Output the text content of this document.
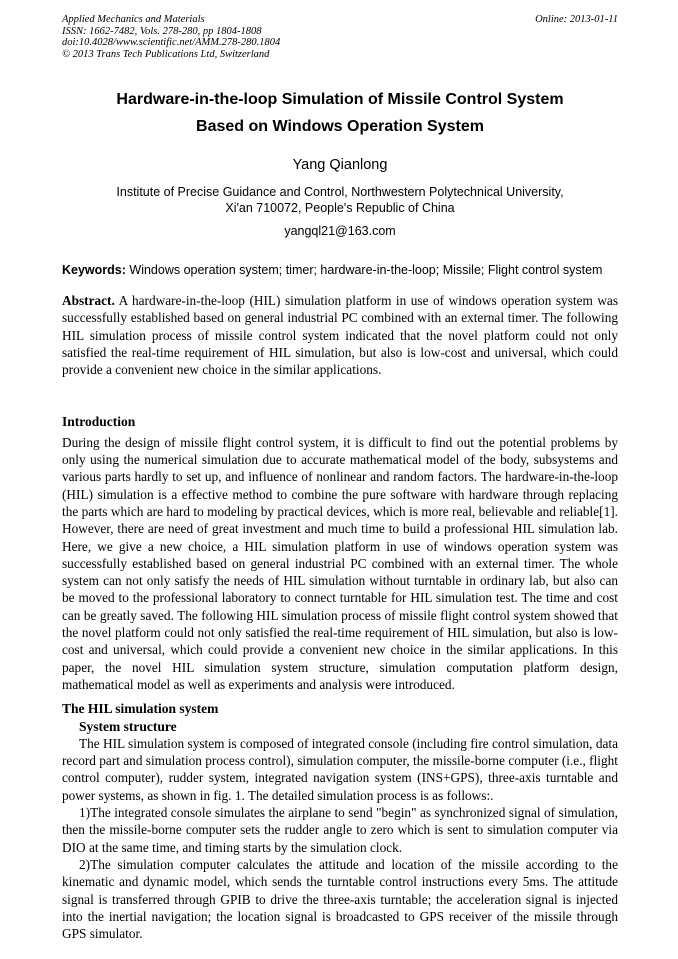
Applied Mechanics and Materials
ISSN: 1662-7482, Vols. 278-280, pp 1804-1808
doi:10.4028/www.scientific.net/AMM.278-280.1804
© 2013 Trans Tech Publications Ltd, Switzerland
Online: 2013-01-11
Hardware-in-the-loop Simulation of Missile Control System
Based on Windows Operation System
Yang Qianlong
Institute of Precise Guidance and Control, Northwestern Polytechnical University,
Xi'an 710072, People's Republic of China
yangql21@163.com
Keywords: Windows operation system; timer; hardware-in-the-loop; Missile; Flight control system
Abstract. A hardware-in-the-loop (HIL) simulation platform in use of windows operation system was successfully established based on general industrial PC combined with an external timer. The following HIL simulation process of missile control system indicated that the novel platform could not only satisfied the real-time requirement of HIL simulation, but also is low-cost and universal, which could provide a convenient new choice in the similar applications.
Introduction
During the design of missile flight control system, it is difficult to find out the potential problems by only using the numerical simulation due to accurate mathematical model of the body, subsystems and various parts hardly to set up, and influence of nonlinear and random factors. The hardware-in-the-loop (HIL) simulation is a effective method to combine the pure software with hardware through replacing the parts which are hard to modeling by practical devices, which is more real, believable and reliable[1]. However, there are need of great investment and much time to build a professional HIL simulation lab. Here, we give a new choice, a HIL simulation platform in use of windows operation system was successfully established based on general industrial PC combined with an external timer. The whole system can not only satisfy the needs of HIL simulation without turntable in ordinary lab, but also can be moved to the professional laboratory to connect turntable for HIL simulation test. The time and cost can be greatly saved. The following HIL simulation process of missile flight control system showed that the novel platform could not only satisfied the real-time requirement of HIL simulation, but also is low-cost and universal, which could provide a convenient new choice in the similar applications. In this paper, the novel HIL simulation system structure, simulation computation platform design, mathematical model as well as experiments and analysis were introduced.
The HIL simulation system
System structure

The HIL simulation system is composed of integrated console (including fire control simulation, data record part and simulation process control), simulation computer, the missile-borne computer (i.e., flight control computer), rudder system, integrated navigation system (INS+GPS), three-axis turntable and power systems, as shown in fig. 1. The detailed simulation process is as follows:.

1)The integrated console simulates the airplane to send "begin" as synchronized signal of simulation, then the missile-borne computer sets the rudder angle to zero which is sent to simulation computer via DIO at the same time, and timing starts by the simulation clock.

2)The simulation computer calculates the attitude and location of the missile according to the kinematic and dynamic model, which sends the turntable control instructions every 5ms. The attitude signal is transferred through GPIB to drive the three-axis turntable; the acceleration signal is injected into the inertial navigation; the location signal is broadcasted to GPS receiver of the missile through GPS simulator.
